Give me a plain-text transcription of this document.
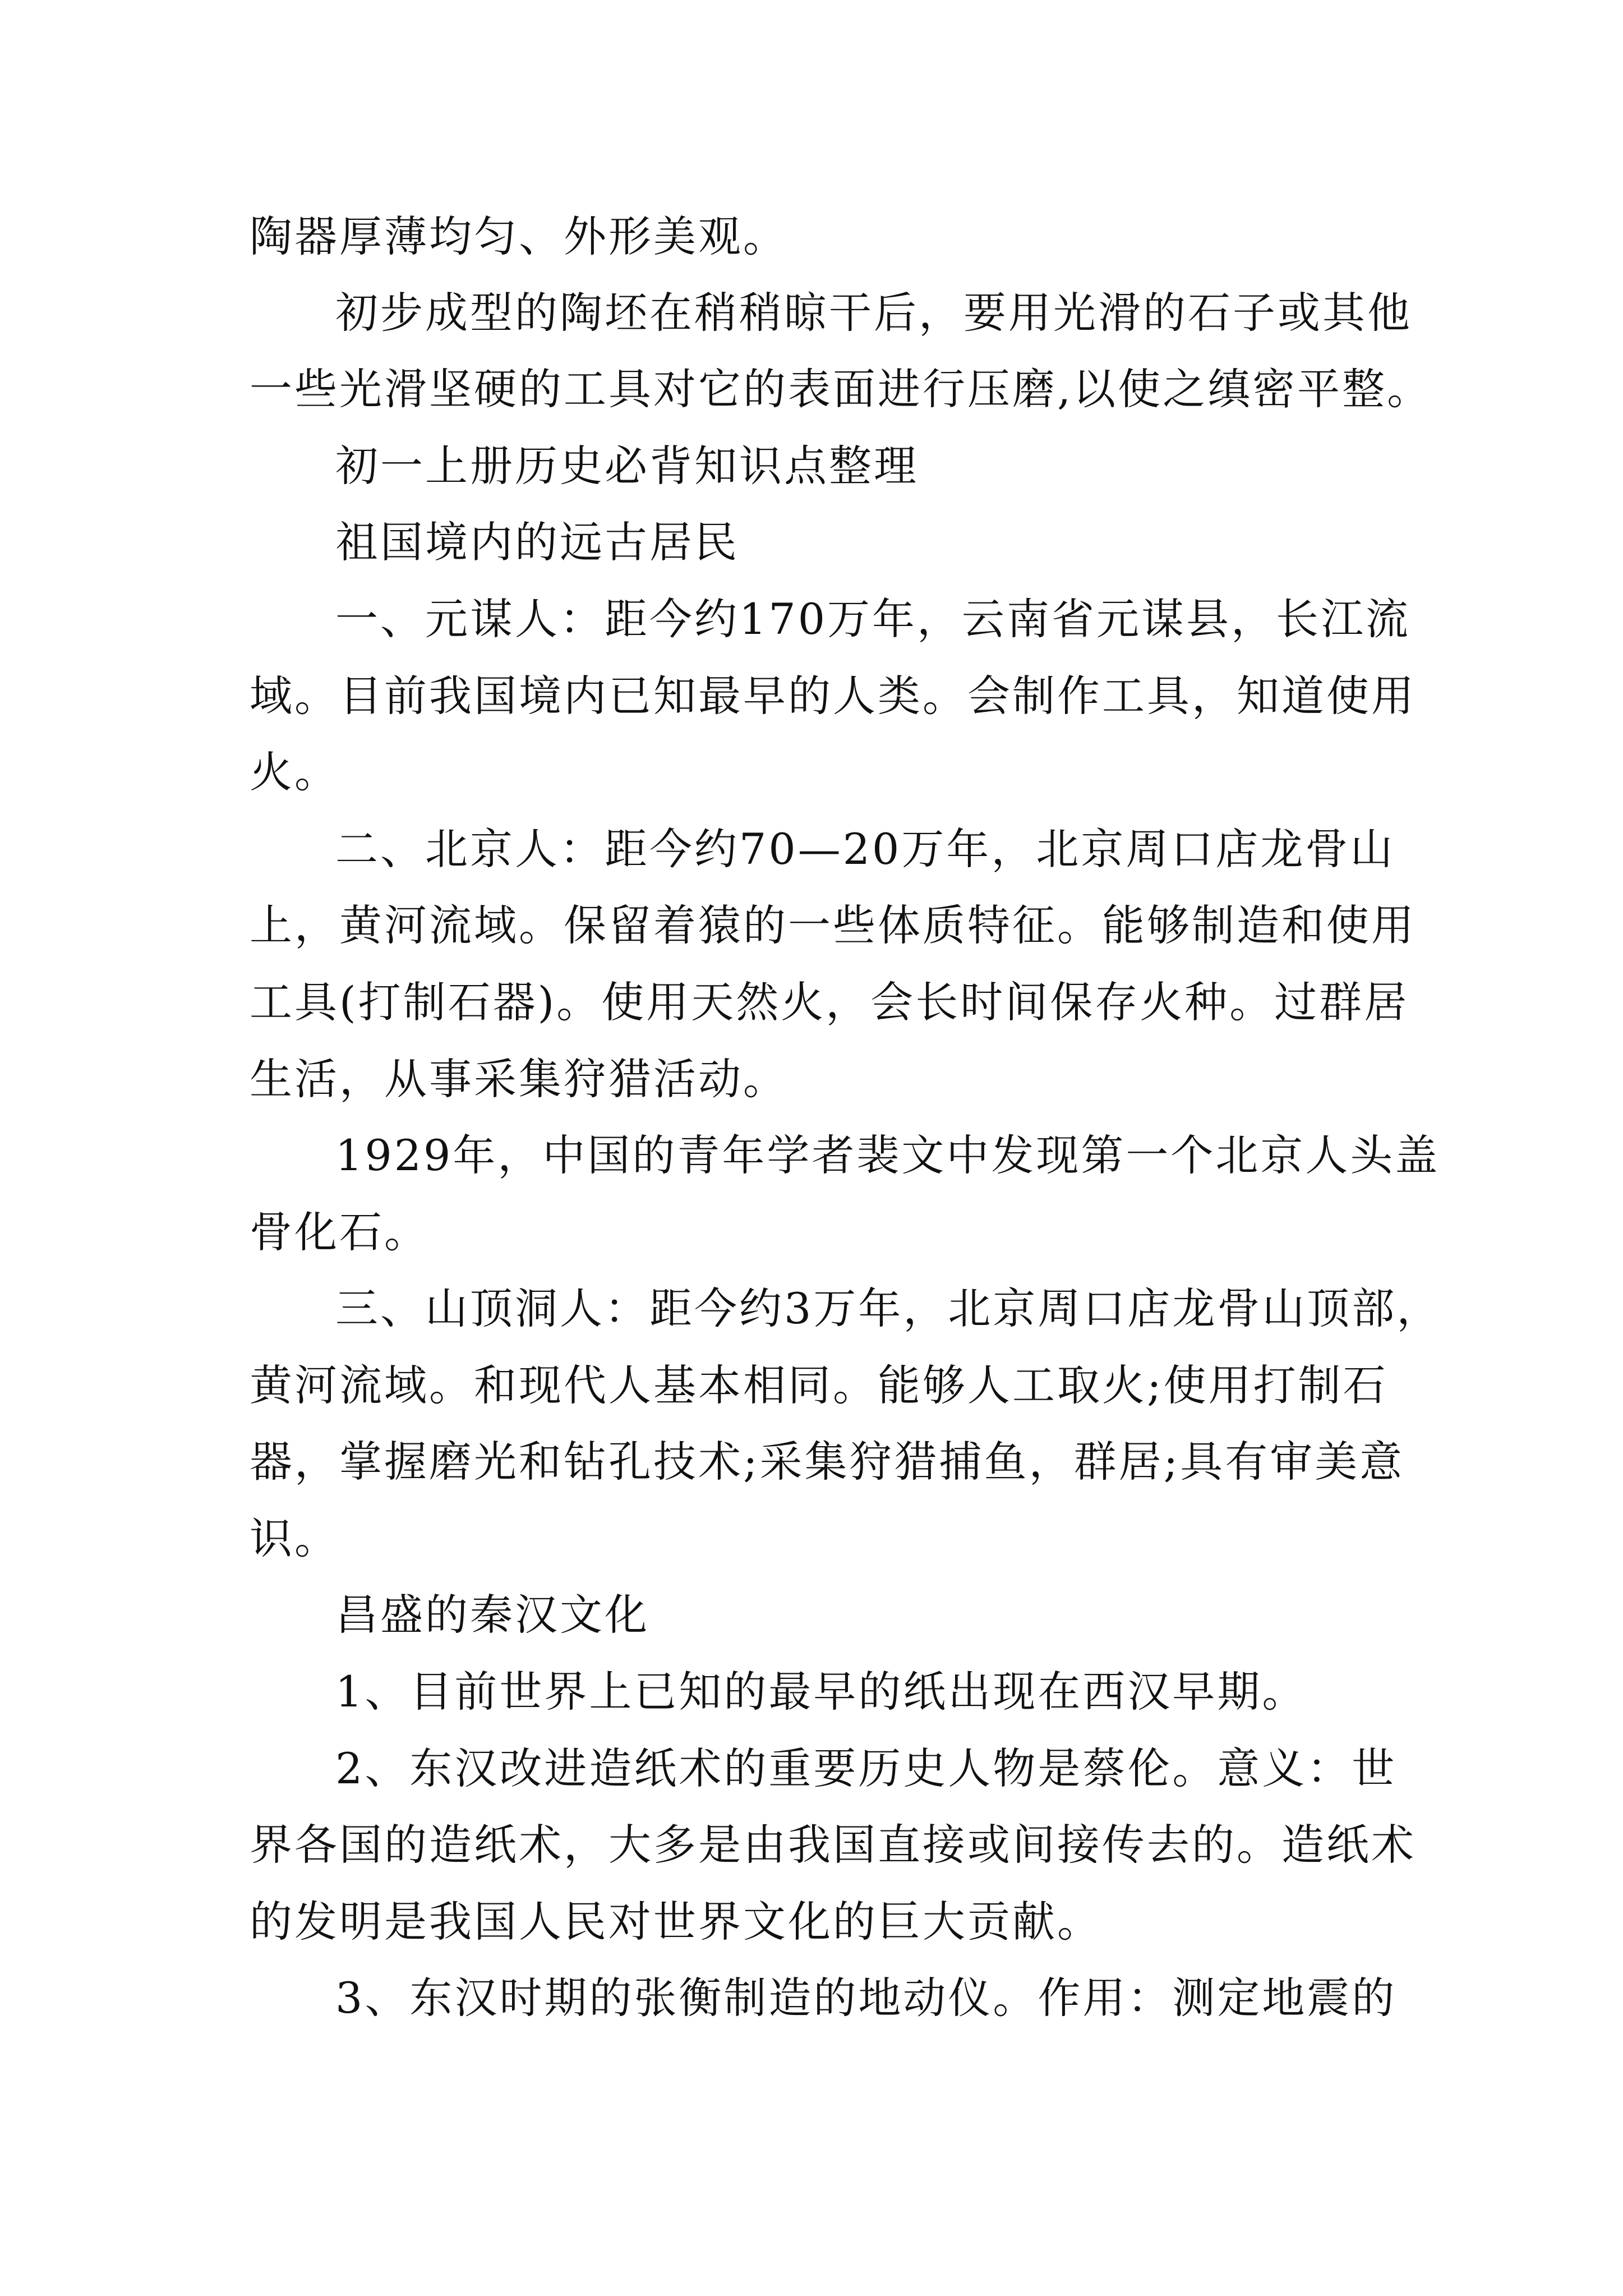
陶器厚薄均匀、外形美观。
初步成型的陶坯在稍稍晾干后，要用光滑的石子或其他
一些光滑坚硬的工具对它的表面进行压磨,以使之缜密平整。
初一上册历史必背知识点整理
祖国境内的远古居民
一、元谋人：距今约170万年，云南省元谋县，长江流
域。目前我国境内已知最早的人类。会制作工具，知道使用
火。
二、北京人：距今约70—20万年，北京周口店龙骨山
上，黄河流域。保留着猿的一些体质特征。能够制造和使用
工具(打制石器)。使用天然火，会长时间保存火种。过群居
生活，从事采集狩猎活动。
1929年，中国的青年学者裴文中发现第一个北京人头盖
骨化石。
三、山顶洞人：距今约3万年，北京周口店龙骨山顶部，
黄河流域。和现代人基本相同。能够人工取火;使用打制石
器，掌握磨光和钻孔技术;采集狩猎捕鱼，群居;具有审美意
识。
昌盛的秦汉文化
1、目前世界上已知的最早的纸出现在西汉早期。
2、东汉改进造纸术的重要历史人物是蔡伦。意义：世
界各国的造纸术，大多是由我国直接或间接传去的。造纸术
的发明是我国人民对世界文化的巨大贡献。
3、东汉时期的张衡制造的地动仪。作用：测定地震的
